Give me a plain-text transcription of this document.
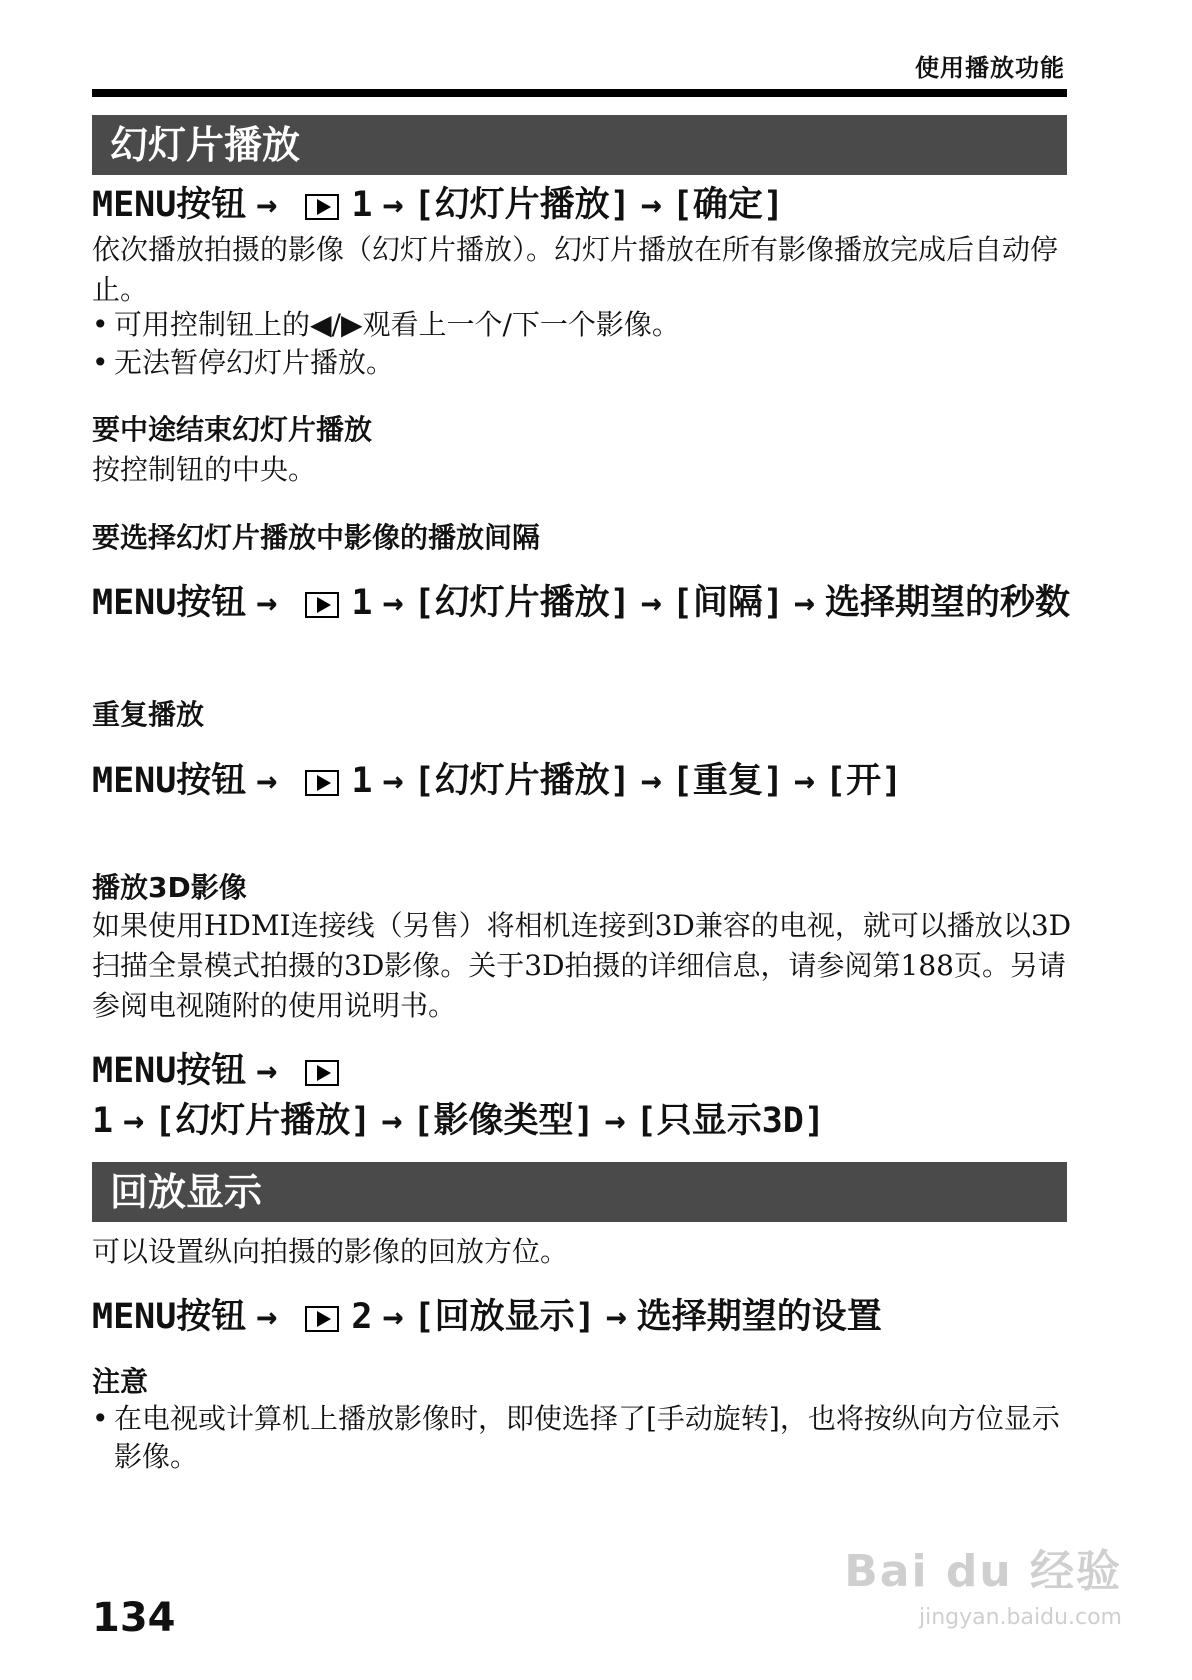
使用播放功能
幻灯片播放
MENU按钮 → 1 → [幻灯片播放] → [确定]
依次播放拍摄的影像（幻灯片播放）。幻灯片播放在所有影像播放完成后自动停止。
• 可用控制钮上的◀/▶观看上一个/下一个影像。
• 无法暂停幻灯片播放。
要中途结束幻灯片播放
按控制钮的中央。
要选择幻灯片播放中影像的播放间隔
MENU按钮 → 1 → [幻灯片播放] → [间隔] → 选择期望的秒数
重复播放
MENU按钮 → 1 → [幻灯片播放] → [重复] → [开]
播放3D影像
如果使用HDMI连接线（另售）将相机连接到3D兼容的电视，就可以播放以3D扫描全景模式拍摄的3D影像。关于3D拍摄的详细信息，请参阅第188页。另请参阅电视随附的使用说明书。
MENU按钮 →1 → [幻灯片播放] → [影像类型] → [只显示3D]
回放显示
可以设置纵向拍摄的影像的回放方位。
MENU按钮 → 2 → [回放显示] → 选择期望的设置
注意
• 在电视或计算机上播放影像时，即使选择了[手动旋转]，也将按纵向方位显示影像。
134
Bai du 经验
jingyan.baidu.com
